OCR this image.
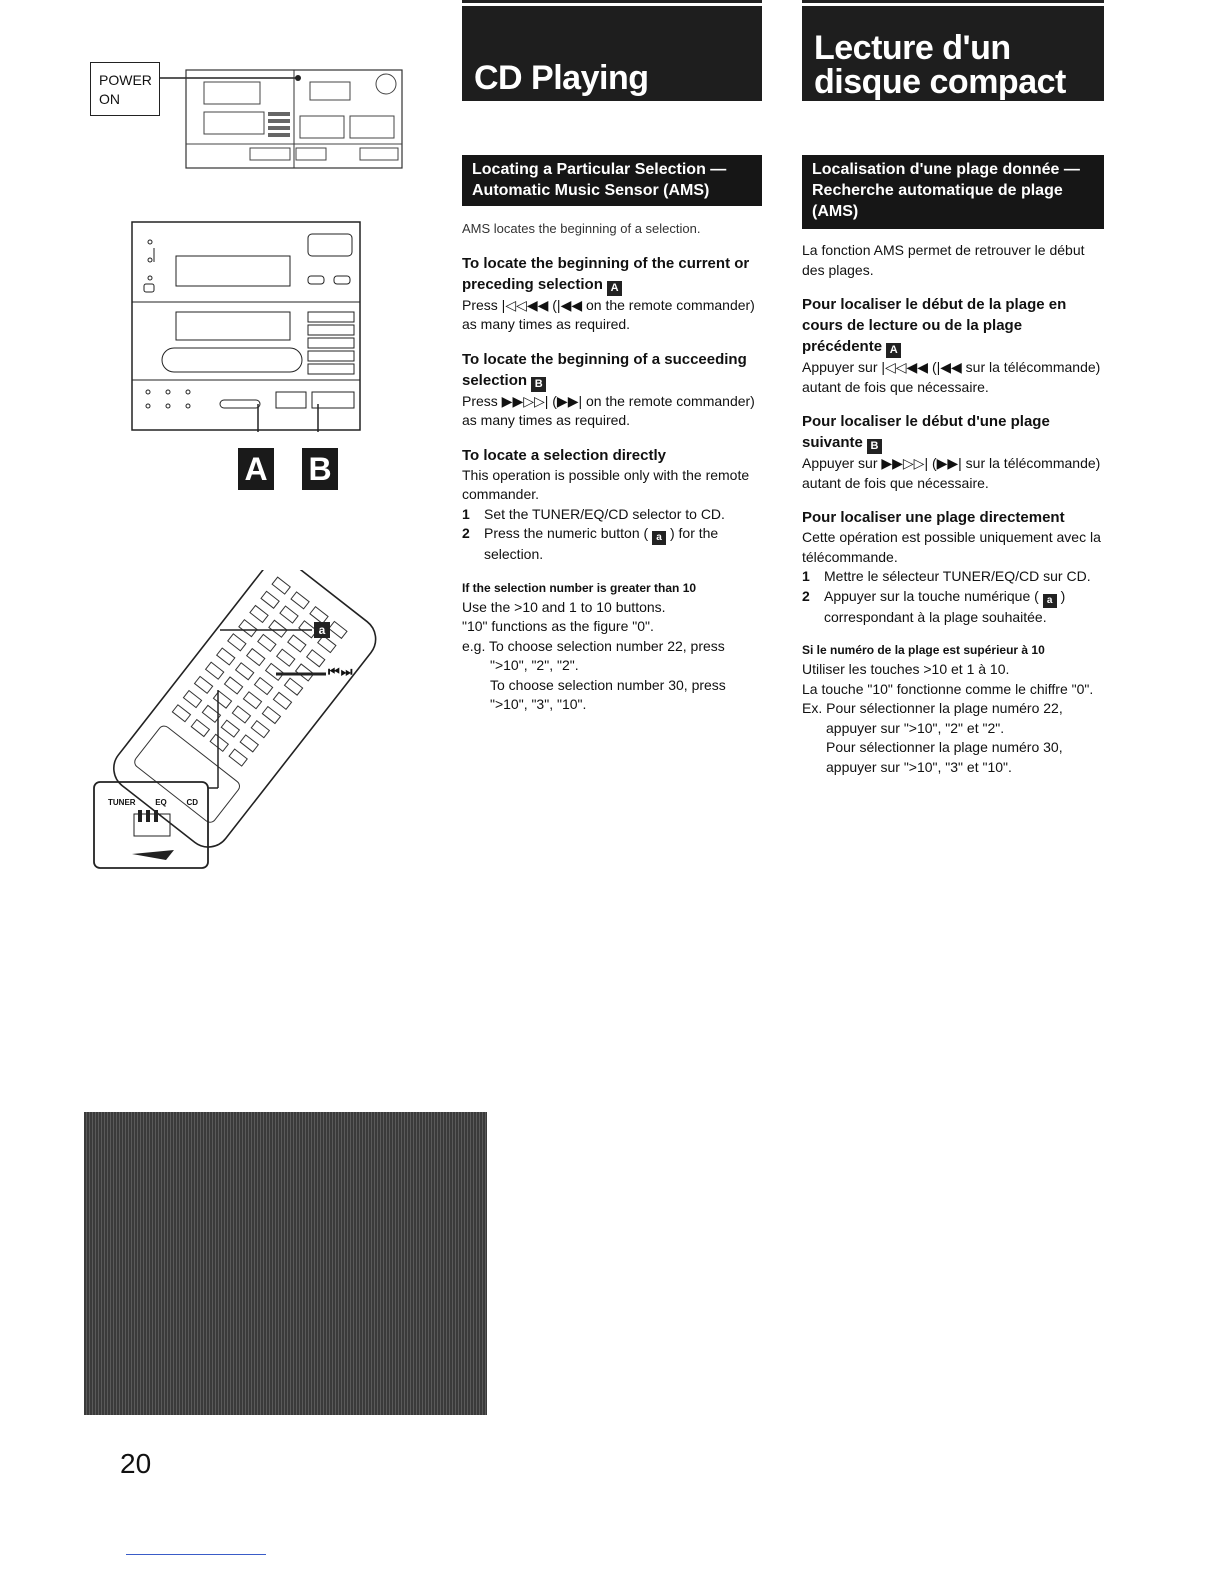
CD Playing
Lecture d'un
disque compact
Locating a Particular Selection — Automatic Music Sensor (AMS)
Localisation d'une plage donnée — Recherche automatique de plage (AMS)

AMS locates the beginning of a selection.

To locate the beginning of the current or preceding selection A

Press |◁◁◀◀ (|◀◀ on the remote commander) as many times as required.

To locate the beginning of a succeeding selection B

Press ▶▶▷▷| (▶▶| on the remote commander) as many times as required.

To locate a selection directly

This operation is possible only with the remote commander.

1	Set the TUNER/EQ/CD selector to CD.
2	Press the numeric button ( a ) for the selection.

If the selection number is greater than 10

Use the >10 and 1 to 10 buttons.

"10" functions as the figure "0".

e.g. To choose selection number 22, press

">10", "2", "2".

To choose selection number 30, press

">10", "3", "10".

La fonction AMS permet de retrouver le début des plages.

Pour localiser le début de la plage en cours de lecture ou de la plage précédente A

Appuyer sur |◁◁◀◀ (|◀◀ sur la télécommande) autant de fois que nécessaire.

Pour localiser le début d'une plage suivante B

Appuyer sur ▶▶▷▷| (▶▶| sur la télécommande) autant de fois que nécessaire.

Pour localiser une plage directement

Cette opération est possible uniquement avec la télécommande.

1	Mettre le sélecteur TUNER/EQ/CD sur CD.
2	Appuyer sur la touche numérique ( a ) correspondant à la plage souhaitée.

Si le numéro de la plage est supérieur à 10

Utiliser les touches >10 et 1 à 10.

La touche "10" fonctionne comme le chiffre "0".

Ex. Pour sélectionner la plage numéro 22, appuyer sur ">10", "2" et "2".

Pour sélectionner la plage numéro 30, appuyer sur ">10", "3" et "10".

POWER
ON
A B
a
⏮⏭
TUNER EQ CD
20
